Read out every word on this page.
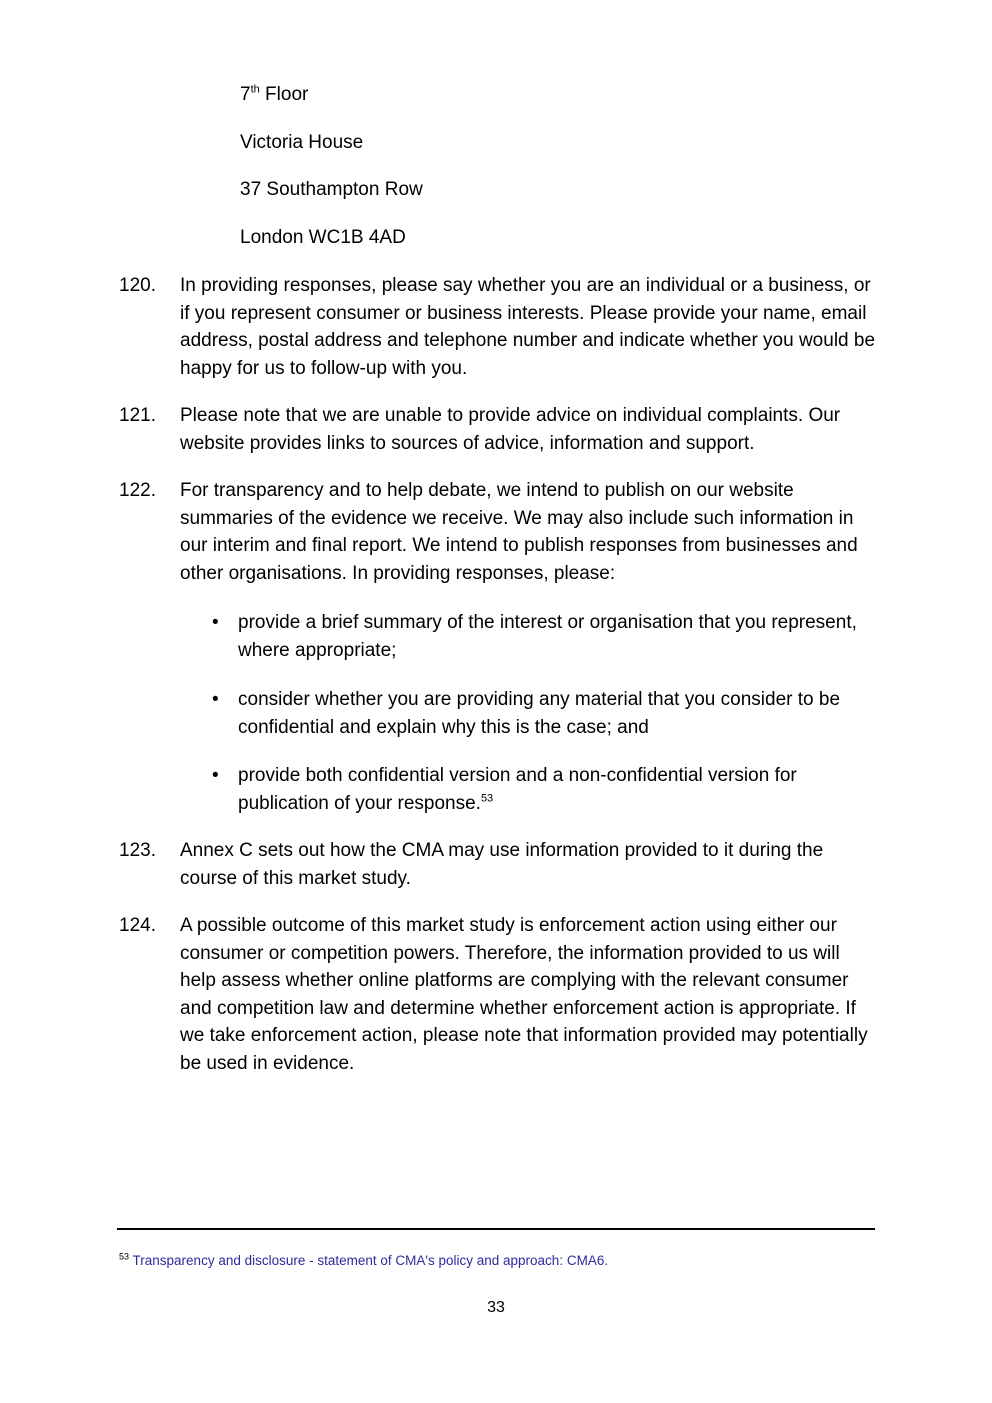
7th Floor
Victoria House
37 Southampton Row
London WC1B 4AD
120. In providing responses, please say whether you are an individual or a business, or if you represent consumer or business interests. Please provide your name, email address, postal address and telephone number and indicate whether you would be happy for us to follow-up with you.
121. Please note that we are unable to provide advice on individual complaints. Our website provides links to sources of advice, information and support.
122. For transparency and to help debate, we intend to publish on our website summaries of the evidence we receive. We may also include such information in our interim and final report. We intend to publish responses from businesses and other organisations. In providing responses, please:
• provide a brief summary of the interest or organisation that you represent, where appropriate;
• consider whether you are providing any material that you consider to be confidential and explain why this is the case; and
• provide both confidential version and a non-confidential version for publication of your response.$^{53}$
123. Annex C sets out how the CMA may use information provided to it during the course of this market study.
124. A possible outcome of this market study is enforcement action using either our consumer or competition powers. Therefore, the information provided to us will help assess whether online platforms are complying with the relevant consumer and competition law and determine whether enforcement action is appropriate. If we take enforcement action, please note that information provided may potentially be used in evidence.
$^{53}$ Transparency and disclosure - statement of CMA's policy and approach: CMA6.
33
